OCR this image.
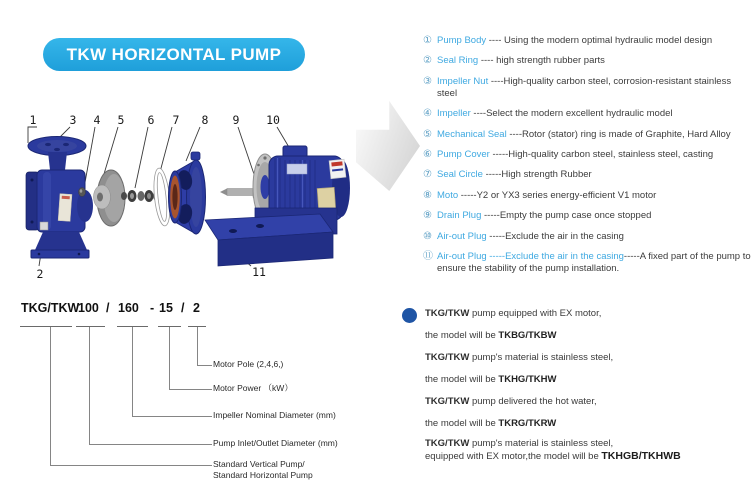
TKW HORIZONTAL PUMP
1	3 4 5 6 7 8 9 10
2	11
① Pump Body ---- Using the modern optimal hydraulic model design
② Seal Ring ---- high strength rubber parts
③ Impeller Nut ----High-quality carbon steel, corrosion-resistant stainless steel
④ Impeller ----Select the modern excellent hydraulic model
⑤ Mechanical Seal ----Rotor (stator) ring is made of Graphite, Hard Alloy
⑥ Pump Cover -----High-quality carbon steel, stainless steel, casting
⑦ Seal Circle -----High strength Rubber
⑧ Moto -----Y2 or YX3 series energy-efficient V1 motor
⑨ Drain Plug -----Empty the pump case once stopped
⑩ Air-out Plug -----Exclude the air in the casing
⑪ Air-out Plug -----Exclude the air in the casing-----A fixed part of the pump to ensure the stability of the pump installation.
TKG/TKW
100 / 160 - 15 / 2
Motor Pole (2,4,6,)
Motor Power （kW）
Impeller Nominal Diameter (mm)
Pump Inlet/Outlet Diameter (mm)
Standard Vertical Pump/
Standard Horizontal Pump
TKG/TKW pump equipped with EX motor,
the model will be TKBG/TKBW
TKG/TKW pump's material is stainless steel,
the model will be TKHG/TKHW
TKG/TKW pump delivered the hot water,
the model will be TKRG/TKRW
TKG/TKW pump's material is stainless steel,
equipped with EX motor,the model will be TKHGB/TKHWB
